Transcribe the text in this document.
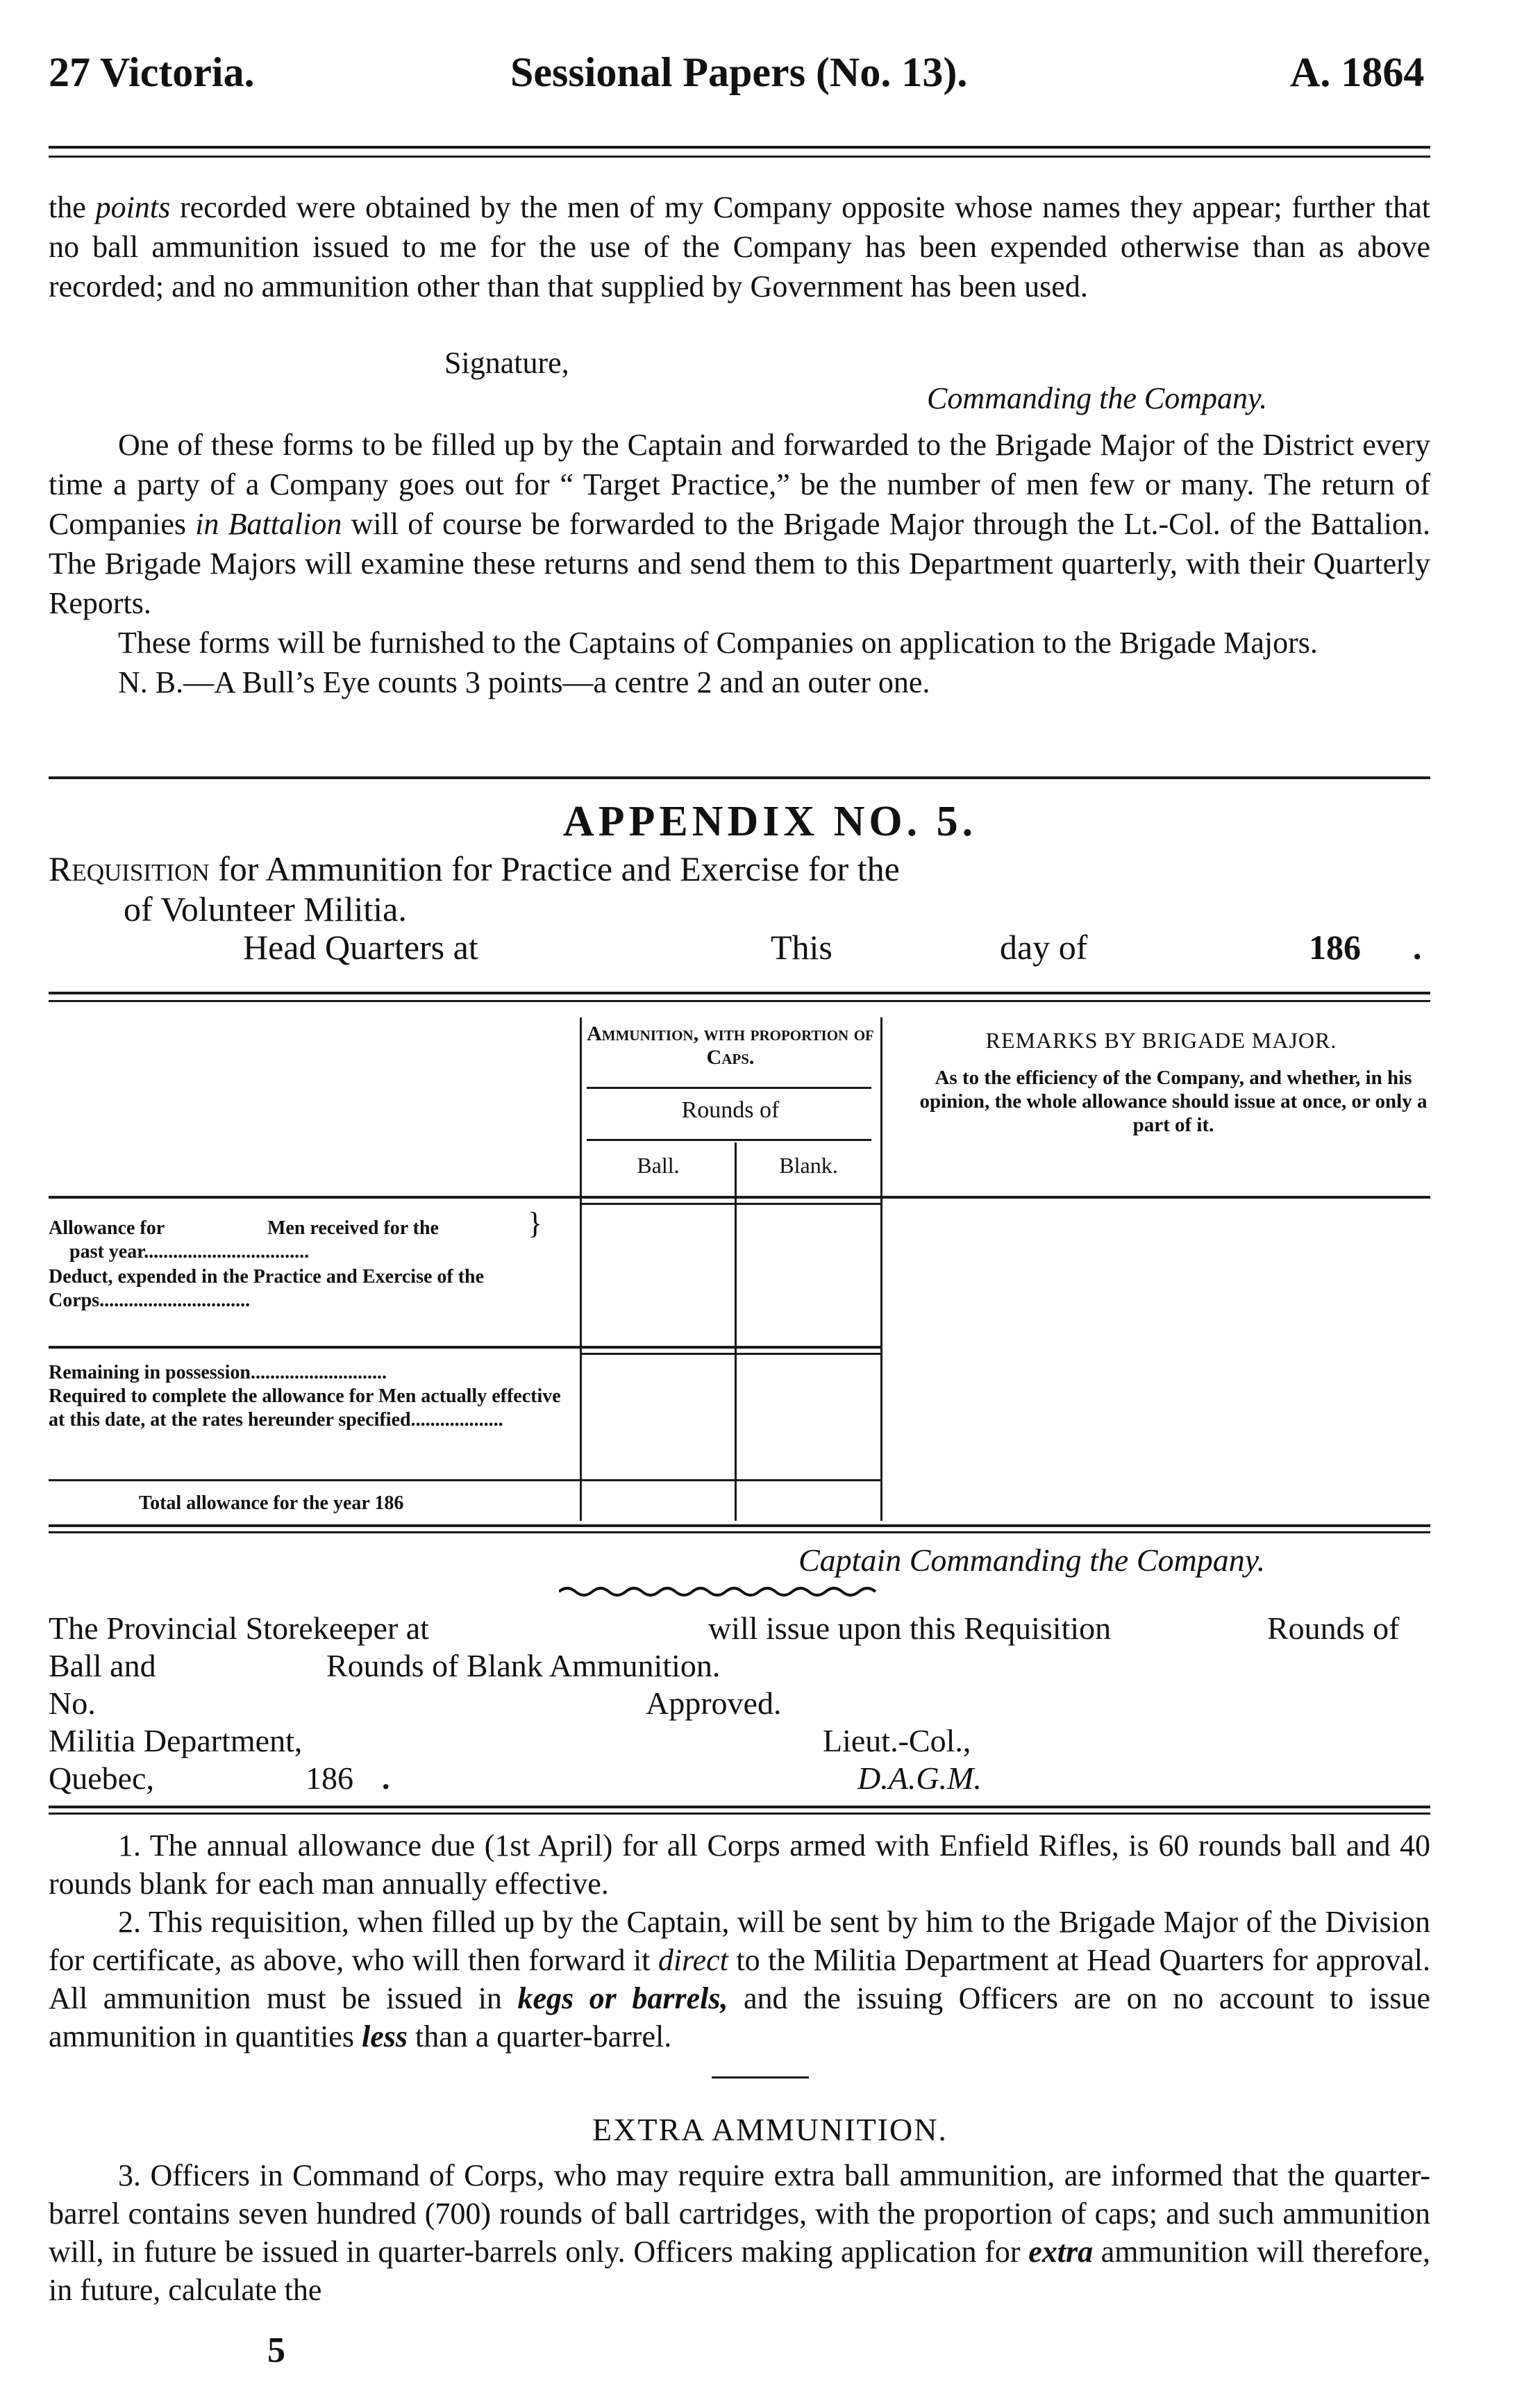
27 Victoria.	Sessional Papers (No. 13).	A. 1864

the points recorded were obtained by the men of my Company opposite whose names they appear; further that no ball ammunition issued to me for the use of the Company has been expended otherwise than as above recorded; and no ammunition other than that supplied by Government has been used.

Signature,
Commanding the Company.

One of these forms to be filled up by the Captain and forwarded to the Brigade Major of the District every time a party of a Company goes out for “ Target Practice,” be the number of men few or many. The return of Companies in Battalion will of course be forwarded to the Brigade Major through the Lt.-Col. of the Battalion. The Brigade Majors will examine these returns and send them to this Department quarterly, with their Quarterly Reports.

These forms will be furnished to the Captains of Companies on application to the Brigade Majors.

N. B.—A Bull’s Eye counts 3 points—a centre 2 and an outer one.

APPENDIX NO. 5.
Requisition for Ammunition for Practice and Exercise for the
of Volunteer Militia.
Head Quarters at	This	day of	186 .
Ammunition, with proportion of Caps.
Rounds of
Ball.	Blank.
REMARKS BY BRIGADE MAJOR.
As to the efficiency of the Company, and whether, in his opinion, the whole allowance should issue at once, or only a part of it.
Allowance for	Men received for the	}
past year..................................
Deduct, expended in the Practice and Exercise of the Corps...............................
Remaining in possession............................
Required to complete the allowance for Men actually effective at this date, at the rates hereunder specified...................
Total allowance for the year 186
Captain Commanding the Company.
The Provincial Storekeeper at	will issue upon this Requisition	Rounds of
Ball and	Rounds of Blank Ammunition.
No.	Approved.
Militia Department,	Lieut.-Col.,
Quebec,	186 .	D.A.G.M.

1. The annual allowance due (1st April) for all Corps armed with Enfield Rifles, is 60 rounds ball and 40 rounds blank for each man annually effective.

2. This requisition, when filled up by the Captain, will be sent by him to the Brigade Major of the Division for certificate, as above, who will then forward it direct to the Militia Department at Head Quarters for approval. All ammunition must be issued in kegs or barrels, and the issuing Officers are on no account to issue ammunition in quantities less than a quarter-barrel.

EXTRA AMMUNITION.

3. Officers in Command of Corps, who may require extra ball ammunition, are informed that the quarter-barrel contains seven hundred (700) rounds of ball cartridges, with the proportion of caps; and such ammunition will, in future be issued in quarter-barrels only. Officers making application for extra ammunition will therefore, in future, calculate the

5
